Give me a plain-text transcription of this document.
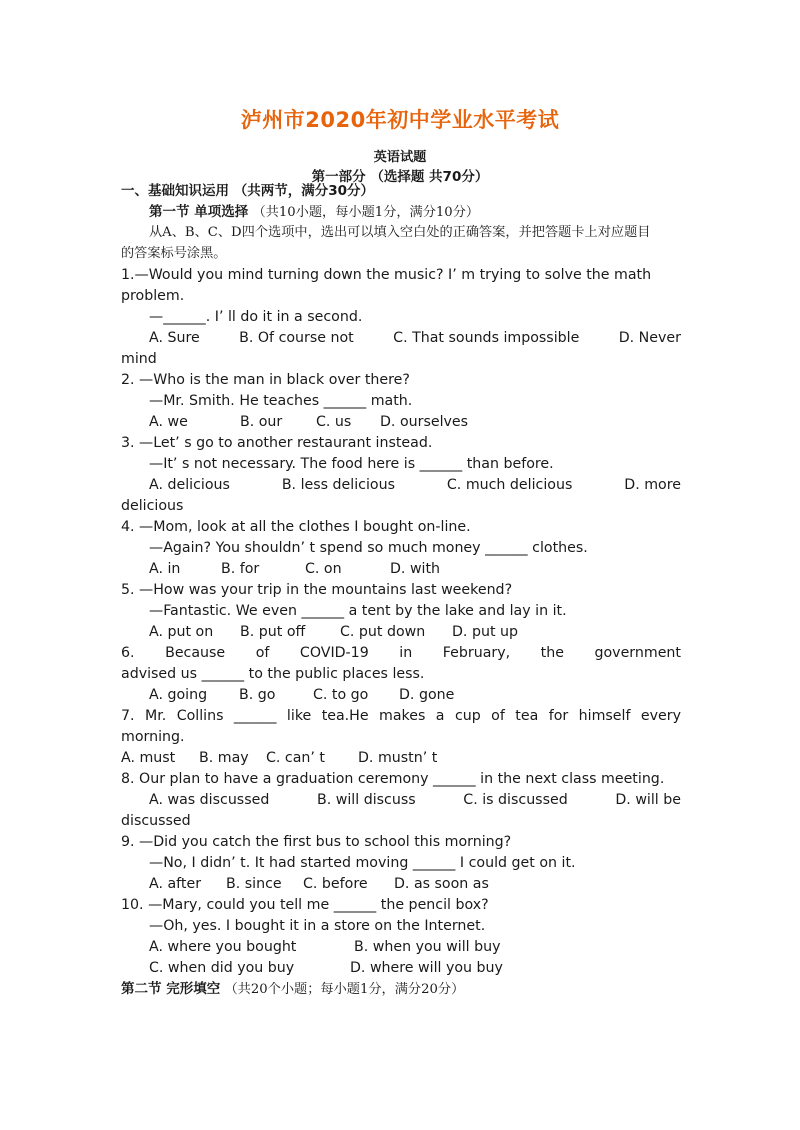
泸州市2020年初中学业水平考试
英语试题
第一部分 （选择题 共70分）
一、基础知识运用 （共两节，满分30分）
第一节 单项选择 （共10小题，每小题1分，满分10分）
从A、B、C、D四个选项中，选出可以填入空白处的正确答案，并把答题卡上对应题目
的答案标号涂黑。
1.—Would you mind turning down the music? I’ m trying to solve the math
problem.
—______. I’ ll do it in a second.
A. Sure	B. Of course not	C. That sounds impossible	D. Never
mind
2. —Who is the man in black over there?
—Mr. Smith. He teaches ______ math.
A. we	B. our C. us D. ourselves
3. —Let’ s go to another restaurant instead.
—It’ s not necessary. The food here is ______ than before.
A. delicious	B. less delicious	C. much delicious	D. more
delicious
4. —Mom, look at all the clothes I bought on-line.
—Again? You shouldn’ t spend so much money ______ clothes.
A. in	B. for	C. on	D. with
5. —How was your trip in the mountains last weekend?
—Fantastic. We even ______ a tent by the lake and lay in it.
A. put on B. put off C. put down D. put up
6. Because of COVID-19 in February, the government
advised us ______ to the public places less.
A. going B. go	C. to go D. gone
7. Mr. Collins ______ like tea.He makes a cup of tea for himself every
morning.
A. must B. may C. can’ t D. mustn’ t
8. Our plan to have a graduation ceremony ______ in the next class meeting.
A. was discussed	B. will discuss	C. is discussed	D. will be
discussed
9. —Did you catch the first bus to school this morning?
—No, I didn’ t. It had started moving ______ I could get on it.
A. after B. since C. before D. as soon as
10. —Mary, could you tell me ______ the pencil box?
—Oh, yes. I bought it in a store on the Internet.
A. where you bought	B. when you will buy
C. when did you buy	D. where will you buy
第二节 完形填空 （共20个小题；每小题1分，满分20分）
